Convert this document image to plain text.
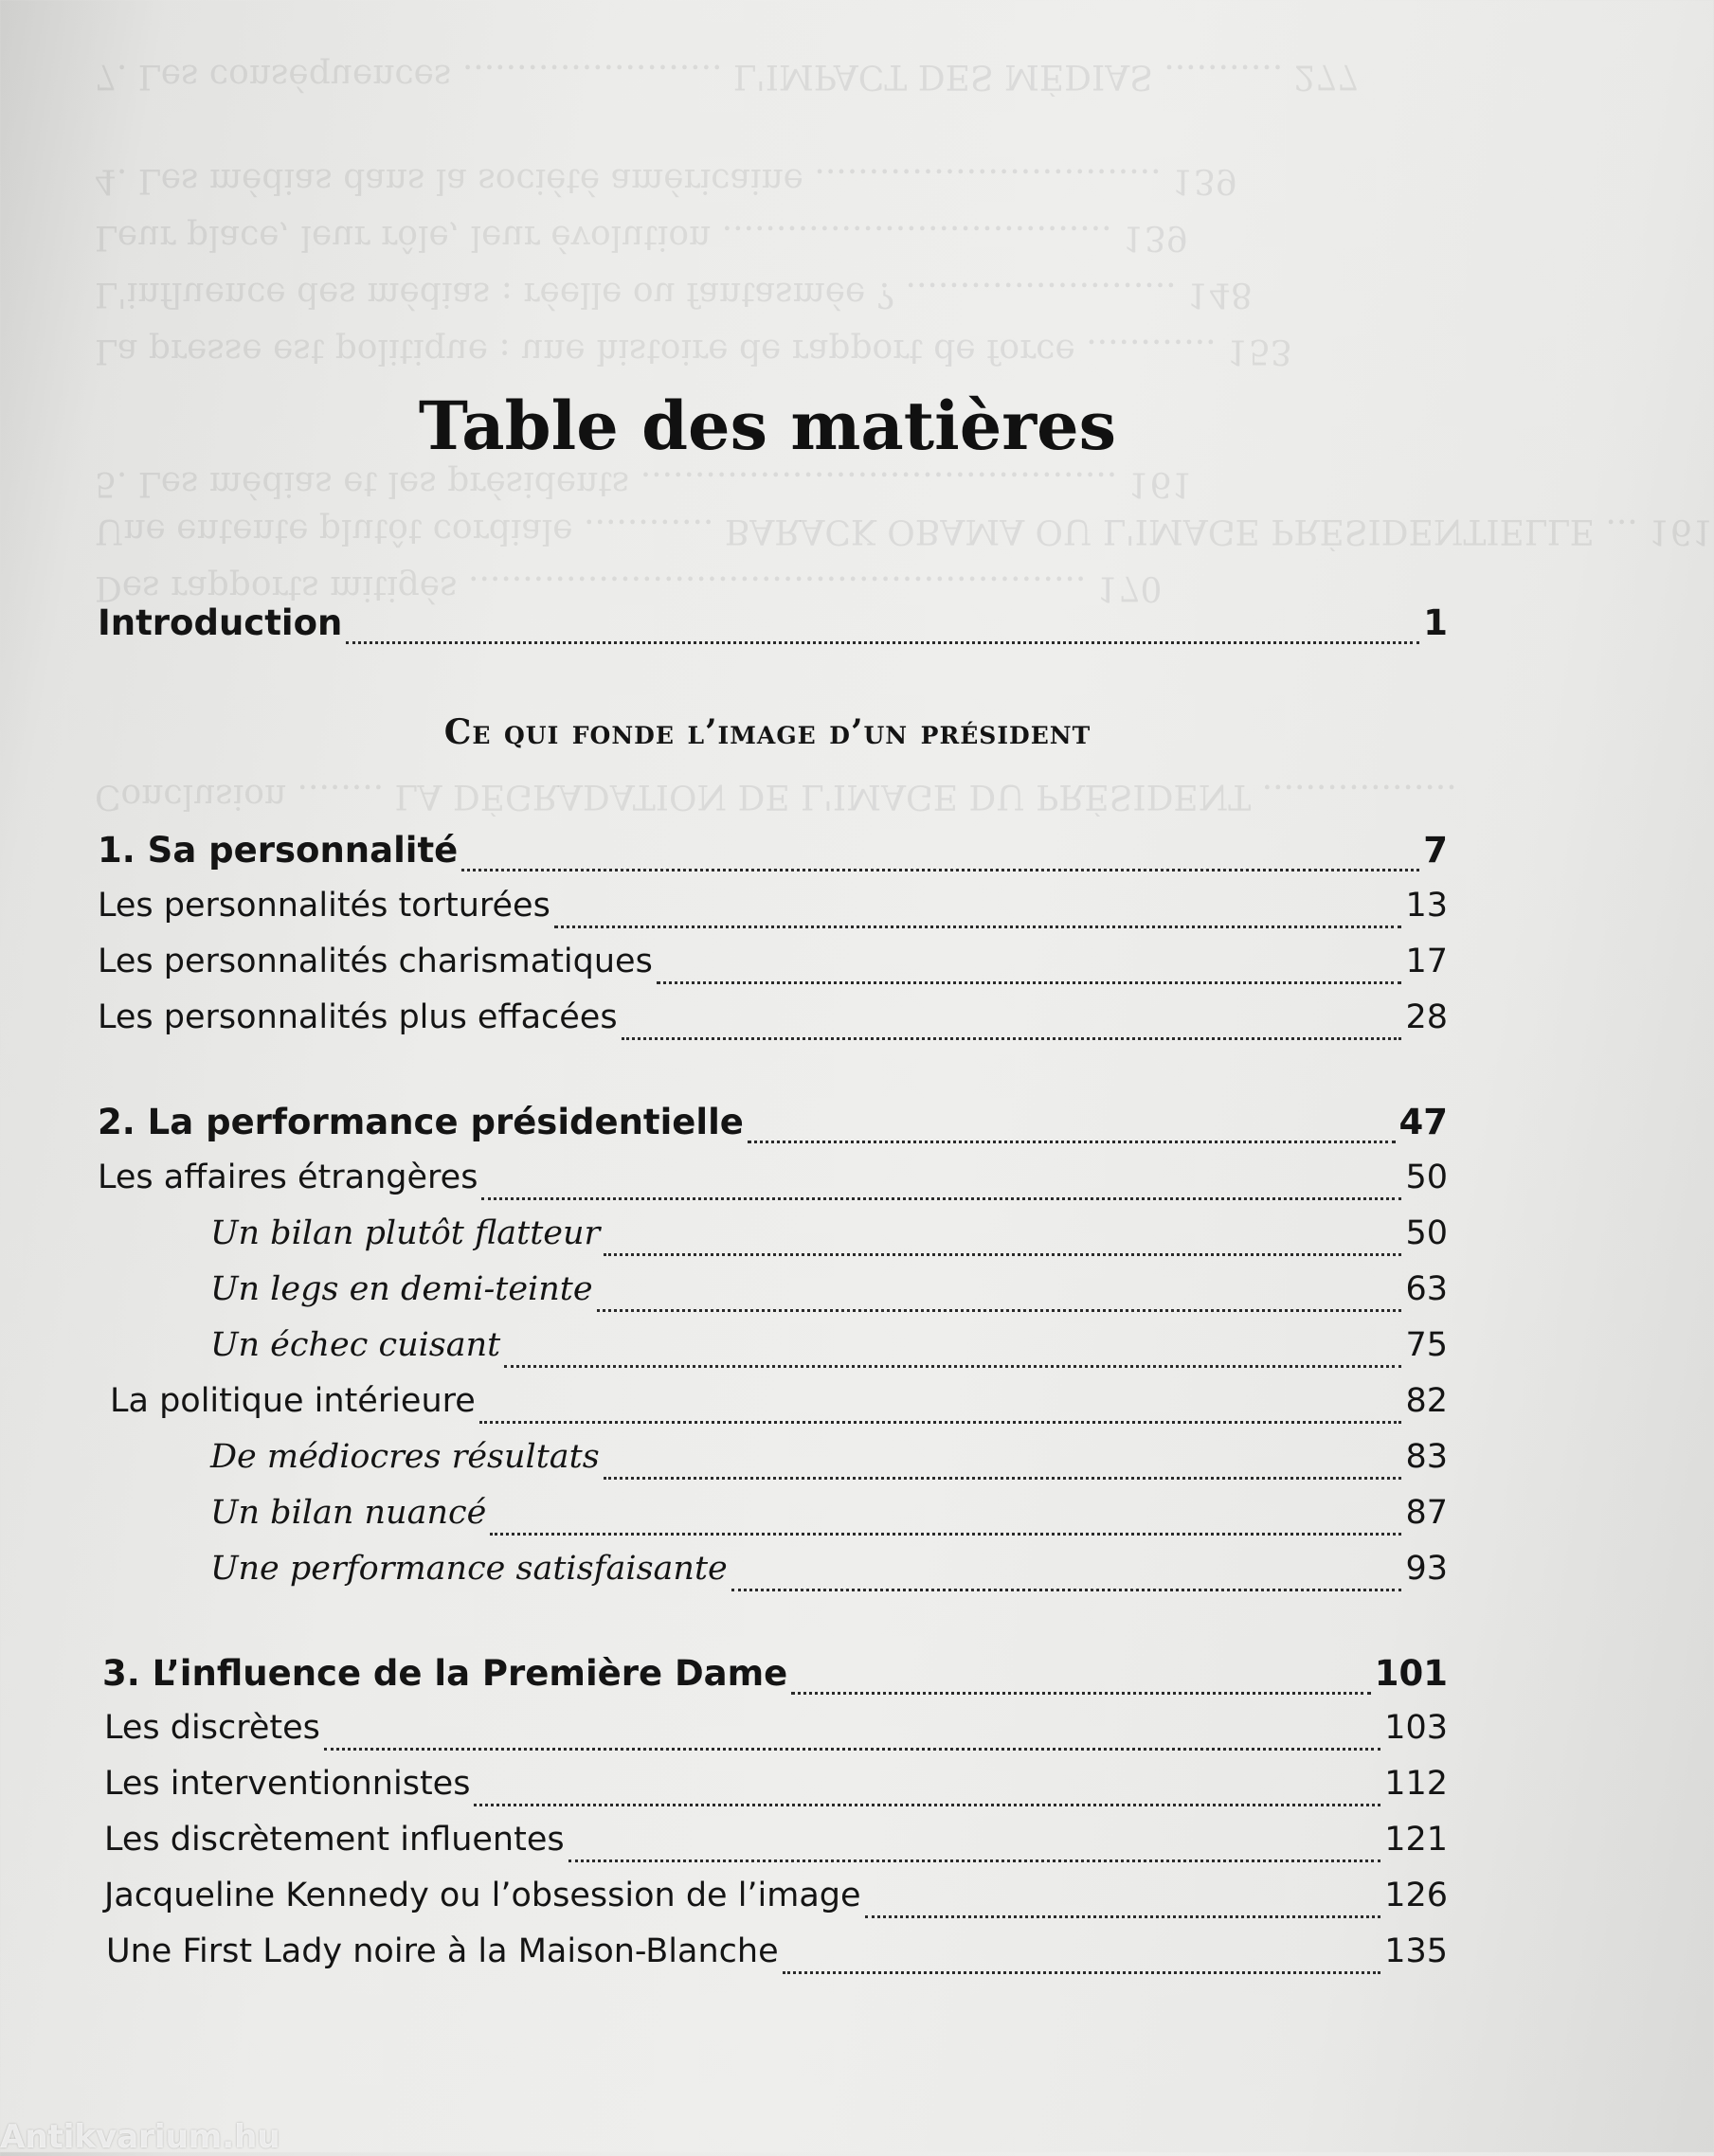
7. Les conséquences ........................ L'IMPACT DES MÉDIAS ........... 277
4. Les médias dans la société américaine ................................ 139
Leur place, leur rôle, leur évolution .................................... 139
L'influence des médias : réelle ou fantasmée ? ......................... 148
La presse est politique : une histoire de rapport de force ............ 153
5. Les médias et les présidents ............................................ 161
Une entente plutôt cordiale ............ BARACK OBAMA OU L'IMAGE PRÉSIDENTIELLE ... 161
Des rapports mitigés ......................................................... 170
Conclusion ........ LA DÉGRADATION DE L'IMAGE DU PRÉSIDENT ..................
Table des matières
Introduction	1
Ce qui fonde l’image d’un président
1. Sa personnalité	7
Les personnalités torturées	13
Les personnalités charismatiques	17
Les personnalités plus effacées	28
2. La performance présidentielle	47
Les affaires étrangères	50
Un bilan plutôt flatteur	50
Un legs en demi-teinte	63
Un échec cuisant	75
La politique intérieure	82
De médiocres résultats	83
Un bilan nuancé	87
Une performance satisfaisante	93
3. L’influence de la Première Dame	101
Les discrètes	103
Les interventionnistes	112
Les discrètement influentes	121
Jacqueline Kennedy ou l’obsession de l’image	126
Une First Lady noire à la Maison-Blanche	135
Antikvarium.hu
